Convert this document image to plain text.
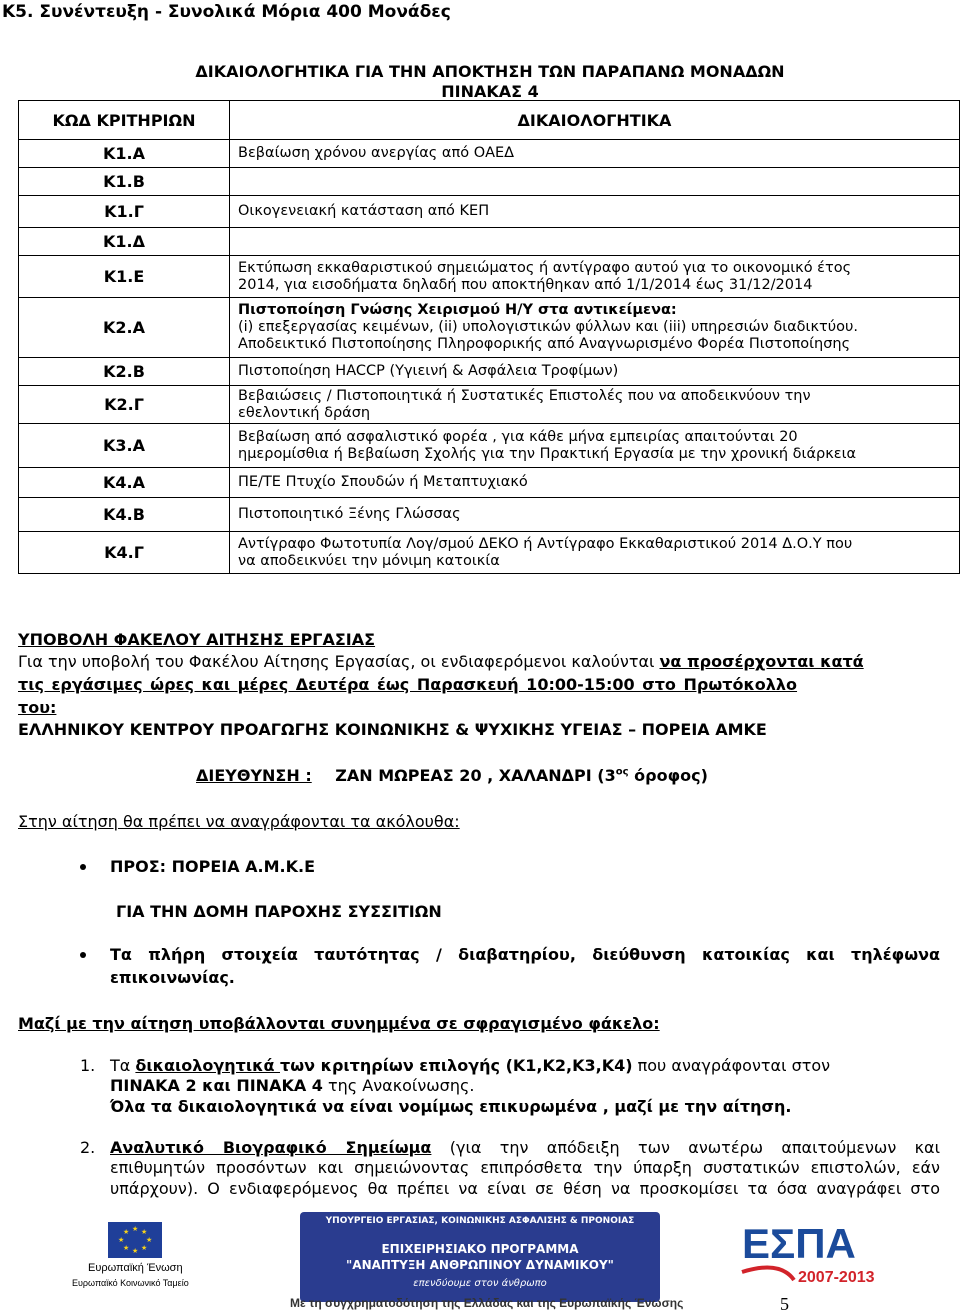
Κ5. Συνέντευξη - Συνολικά Μόρια 400 Μονάδες
ΔΙΚΑΙΟΛΟΓΗΤΙΚΑ ΓΙΑ ΤΗΝ ΑΠΟΚΤΗΣΗ ΤΩΝ ΠΑΡΑΠΑΝΩ ΜΟΝΑΔΩΝ
ΠΙΝΑΚΑΣ 4
ΚΩΔ ΚΡΙΤΗΡΙΩΝ	ΔΙΚΑΙΟΛΟΓΗΤΙΚΑ

Κ1.Α	Βεβαίωση χρόνου ανεργίας από ΟΑΕΔ

Κ1.Β	

Κ1.Γ	Οικογενειακή κατάσταση από ΚΕΠ

Κ1.Δ	

Κ1.Ε	Εκτύπωση εκκαθαριστικού σημειώματος ή αντίγραφο αυτού για το οικονομικό έτος
2014, για εισοδήματα δηλαδή που αποκτήθηκαν από 1/1/2014 έως 31/12/2014

Κ2.Α	Πιστοποίηση Γνώσης Χειρισμού Η/Υ στα αντικείμενα:
(i) επεξεργασίας κειμένων, (ii) υπολογιστικών φύλλων και (iii) υπηρεσιών διαδικτύου.
Αποδεικτικό Πιστοποίησης Πληροφορικής από Αναγνωρισμένο Φορέα Πιστοποίησης

Κ2.Β	Πιστοποίηση HACCP (Υγιεινή & Ασφάλεια Τροφίμων)

Κ2.Γ	Βεβαιώσεις / Πιστοποιητικά ή Συστατικές Επιστολές που να αποδεικνύουν την
εθελοντική δράση

Κ3.Α	Βεβαίωση από ασφαλιστικό φορέα , για κάθε μήνα εμπειρίας απαιτούνται 20
ημερομίσθια ή Βεβαίωση Σχολής για την Πρακτική Εργασία με την χρονική διάρκεια

Κ4.Α	ΠΕ/ΤΕ Πτυχίο Σπουδών ή Μεταπτυχιακό

Κ4.Β	Πιστοποιητικό Ξένης Γλώσσας

Κ4.Γ	Αντίγραφο Φωτοτυπία Λογ/σμού ΔΕΚΟ ή Αντίγραφο Εκκαθαριστικού 2014 Δ.Ο.Υ που
να αποδεικνύει την μόνιμη κατοικία
ΥΠΟΒΟΛΗ ΦΑΚΕΛΟΥ ΑΙΤΗΣΗΣ ΕΡΓΑΣΙΑΣ
Για την υποβολή του Φακέλου Αίτησης Εργασίας, οι ενδιαφερόμενοι καλούνται να προσέρχονται κατά
τις εργάσιμες ώρες και μέρες Δευτέρα έως Παρασκευή 10:00-15:00 στο Πρωτόκολλο
του:
ΕΛΛΗΝΙΚΟΥ ΚΕΝΤΡΟΥ ΠΡΟΑΓΩΓΗΣ ΚΟΙΝΩΝΙΚΗΣ & ΨΥΧΙΚΗΣ ΥΓΕΙΑΣ – ΠΟΡΕΙΑ ΑΜΚΕ
ΔΙΕΥΘΥΝΣΗ : ΖΑΝ ΜΩΡΕΑΣ 20 , ΧΑΛΑΝΔΡΙ ($3^{o\varsigma}$ όροφος)
Στην αίτηση θα πρέπει να αναγράφονται τα ακόλουθα:
ΠΡΟΣ: ΠΟΡΕΙΑ Α.Μ.Κ.Ε
ΓΙΑ ΤΗΝ ΔΟΜΗ ΠΑΡΟΧΗΣ ΣΥΣΣΙΤΙΩΝ
Τα πλήρη στοιχεία ταυτότητας / διαβατηρίου, διεύθυνση κατοικίας και τηλέφωνα
επικοινωνίας.
Μαζί με την αίτηση υποβάλλονται συνημμένα σε σφραγισμένο φάκελο:
1. Τα δικαιολογητικά των κριτηρίων επιλογής (Κ1,Κ2,Κ3,Κ4) που αναγράφονται στον
ΠΙΝΑΚΑ 2 και ΠΙΝΑΚΑ 4 της Ανακοίνωσης.
Όλα τα δικαιολογητικά να είναι νομίμως επικυρωμένα , μαζί με την αίτηση.
2. Αναλυτικό Βιογραφικό Σημείωμα (για την απόδειξη των ανωτέρω απαιτούμενων και
επιθυμητών προσόντων και σημειώνοντας επιπρόσθετα την ύπαρξη συστατικών επιστολών, εάν
υπάρχουν). Ο ενδιαφερόμενος θα πρέπει να είναι σε θέση να προσκομίσει τα όσα αναγράφει στο
★ ★
★
★
★
★
★
★
Ευρωπαϊκή Ένωση
Ευρωπαϊκό Κοινωνικό Ταμείο
ΥΠΟΥΡΓΕΙΟ ΕΡΓΑΣΙΑΣ, ΚΟΙΝΩΝΙΚΗΣ ΑΣΦΑΛΙΣΗΣ & ΠΡΟΝΟΙΑΣ
ΕΠΙΧΕΙΡΗΣΙΑΚΟ ΠΡΟΓΡΑΜΜΑ
"ΑΝΑΠΤΥΞΗ ΑΝΘΡΩΠΙΝΟΥ ΔΥΝΑΜΙΚΟΥ"
επενδύουμε στον άνθρωπο
ΕΣΠΑ
2007-2013
Με τη συγχρηματοδότηση της Ελλάδας και της Ευρωπαϊκής Ένωσης	5
